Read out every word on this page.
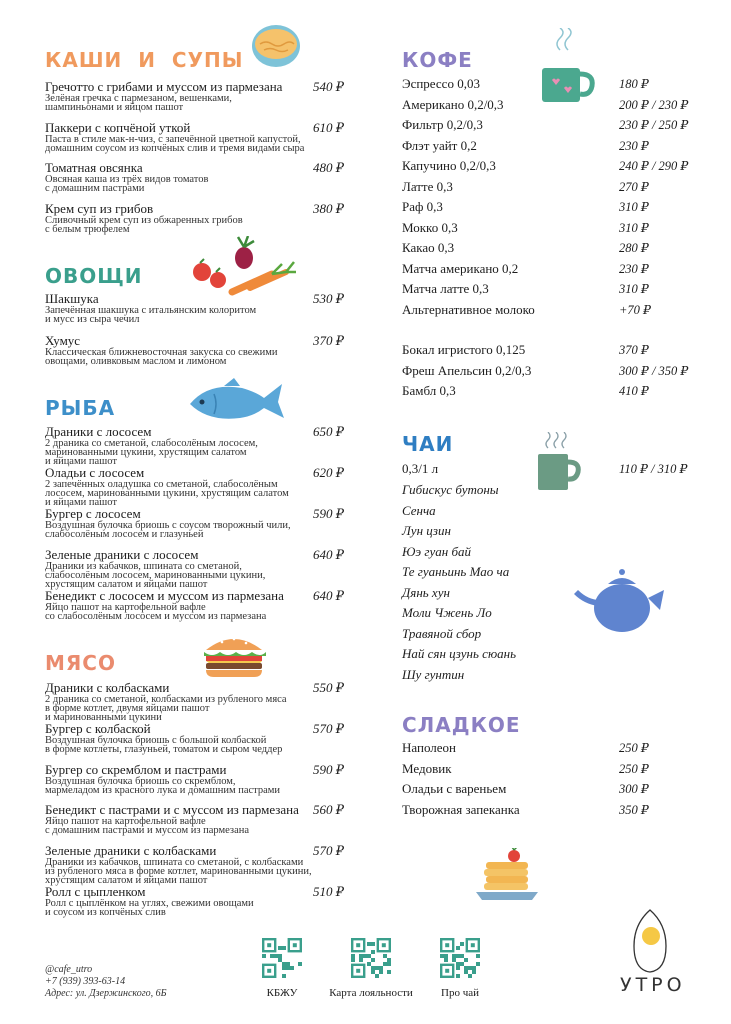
КАШИ И СУПЫ
Гречотто с грибами и муссом из пармезана
Зелёная гречка с пармезаном, вешенками,
шампиньонами и яйцом пашот
540 ₽
Паккери с копчёной уткой
Паста в стиле мак-н-чиз, с запечённой цветной капустой,
домашним соусом из копчёных слив и тремя видами сыра
610 ₽
Томатная овсянка
Овсяная каша из трёх видов томатов
с домашним пастрами
480 ₽
Крем суп из грибов
Сливочный крем суп из обжаренных грибов
с белым трюфелем
380 ₽
ОВОЩИ
Шакшука
Запечённая шакшука с итальянским колоритом
и мусс из сыра чечил
530 ₽
Хумус
Классическая ближневосточная закуска со свежими
овощами, оливковым маслом и лимоном
370 ₽
РЫБА
Драники с лососем
2 драника со сметаной, слабосолёным лососем,
маринованными цукини, хрустящим салатом
и яйцами пашот
650 ₽
Оладьи с лососем
2 запечённых оладушка со сметаной, слабосолёным
лососем, маринованными цукини, хрустящим салатом
и яйцами пашот
620 ₽
Бургер с лососем
Воздушная булочка бриошь с соусом творожный чили,
слабосолёным лососем и глазуньей
590 ₽
Зеленые драники с лососем
Драники из кабачков, шпината со сметаной,
слабосолёным лососем, маринованными цукини,
хрустящим салатом и яйцами пашот
640 ₽
Бенедикт с лососем и муссом из пармезана
Яйцо пашот на картофельной вафле
со слабосолёным лососем и муссом из пармезана
640 ₽
МЯСО
Драники с колбасками
2 драника со сметаной, колбасками из рубленого мяса
в форме котлет, двумя яйцами пашот
и маринованными цукини
550 ₽
Бургер с колбаской
Воздушная булочка бриошь с большой колбаской
в форме котлеты, глазуньей, томатом и сыром чеддер
570 ₽
Бургер со скремблом и пастрами
Воздушная булочка бриошь со скремблом,
мармеладом из красного лука и домашним пастрами
590 ₽
Бенедикт с пастрами и с муссом из пармезана
Яйцо пашот на картофельной вафле
с домашним пастрами и муссом из пармезана
560 ₽
Зеленые драники с колбасками
Драники из кабачков, шпината со сметаной, с колбасками
из рубленого мяса в форме котлет, маринованными цукини,
хрустящим салатом и яйцами пашот
570 ₽
Ролл с цыпленком
Ролл с цыплёнком на углях, свежими овощами
и соусом из копчёных слив
510 ₽
КОФЕ
Эспрессо 0,03	180 ₽
Американо 0,2/0,3	200 ₽ / 230 ₽
Фильтр 0,2/0,3	230 ₽ / 250 ₽
Флэт уайт 0,2	230 ₽
Капучино 0,2/0,3	240 ₽ / 290 ₽
Латте 0,3	270 ₽
Раф 0,3	310 ₽
Мокко 0,3	310 ₽
Какао 0,3	280 ₽
Матча американо 0,2	230 ₽
Матча латте 0,3	310 ₽
Альтернативное молоко	+70 ₽
Бокал игристого 0,125	370 ₽
Фреш Апельсин 0,2/0,3	300 ₽ / 350 ₽
Бамбл 0,3	410 ₽
ЧАИ
0,3/1 л	110 ₽ / 310 ₽
Гибискус бутоны
Сенча
Лун цзин
Юэ гуан бай
Те гуаньинь Мао ча
Дянь хун
Моли Чжень Ло
Травяной сбор
Най сян цзунь сюань
Шу гунтин
СЛАДКОЕ
Наполеон	250 ₽
Медовик	250 ₽
Оладьи с вареньем	300 ₽
Творожная запеканка	350 ₽
УТРО
@cafe_utro
+7 (939) 393-63-14
Адрес: ул. Дзержинского, 6Б	КБЖУ	Карта лояльности	Про чай
